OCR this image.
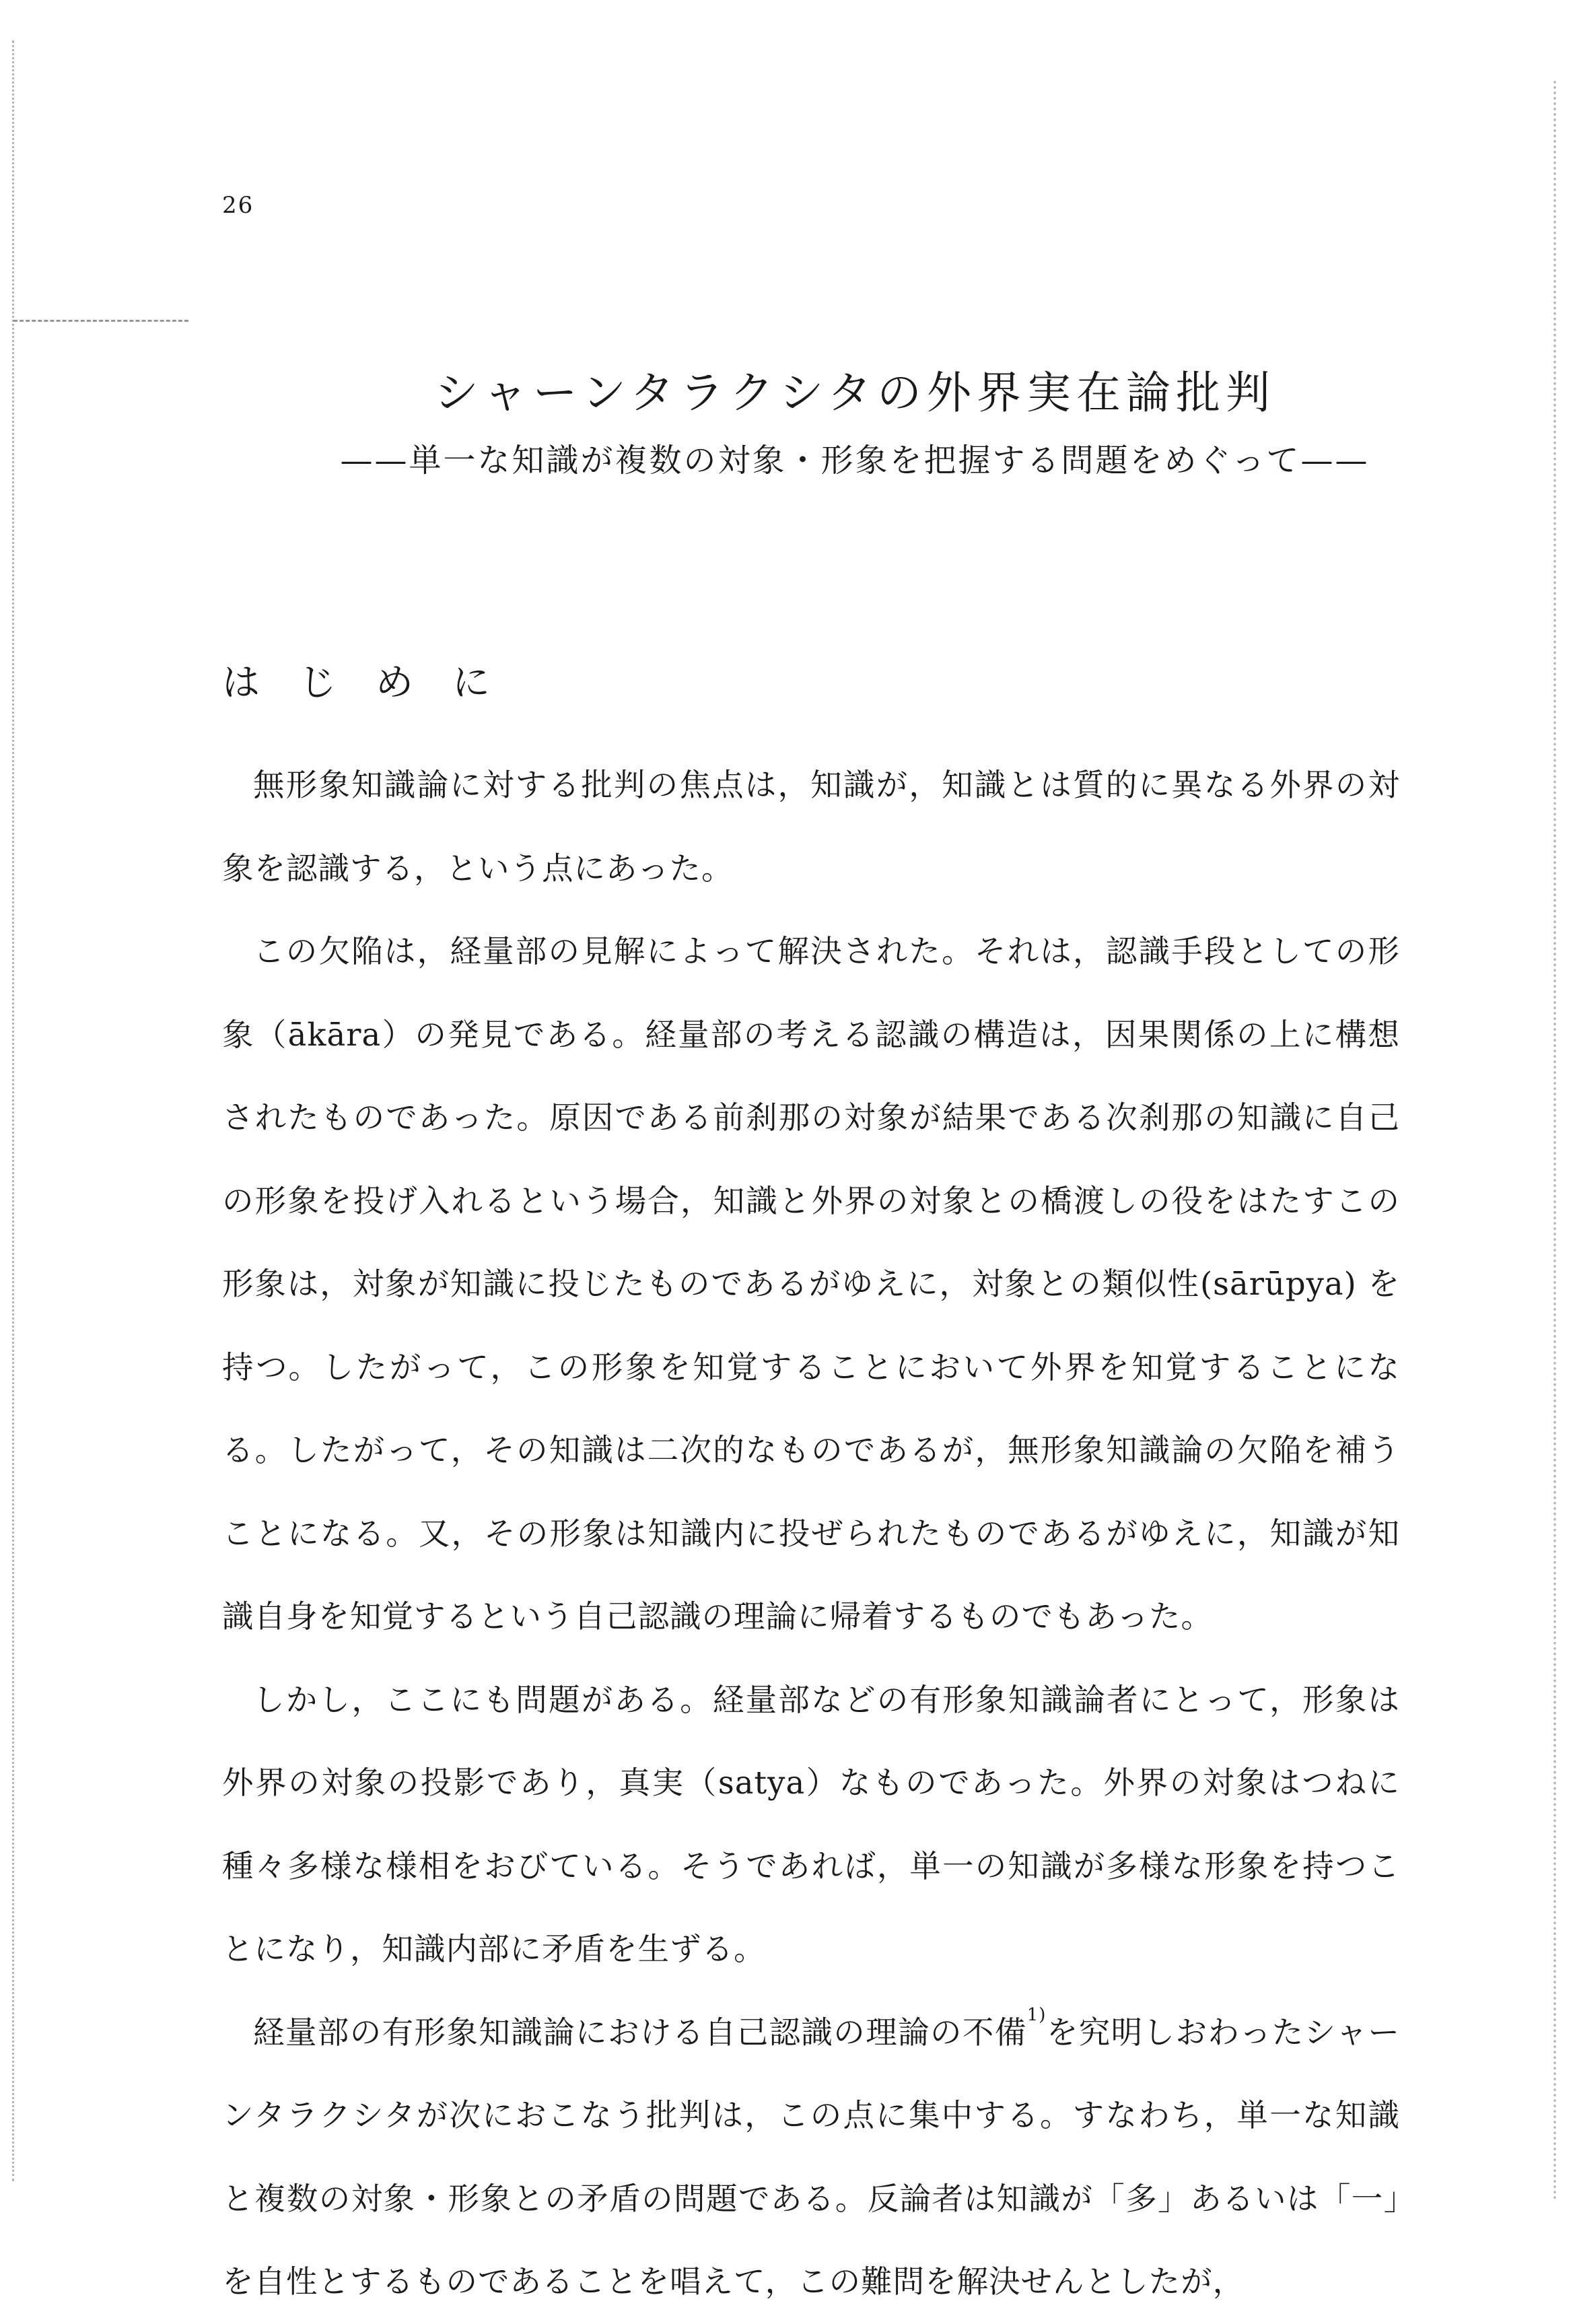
26
シャーンタラクシタの外界実在論批判
——単一な知識が複数の対象・形象を把握する問題をめぐって——
はじめに

無形象知識論に対する批判の焦点は，知識が，知識とは質的に異なる外界の対象を認識する，という点にあった。

この欠陥は，経量部の見解によって解決された。それは，認識手段としての形象（ākāra）の発見である。経量部の考える認識の構造は，因果関係の上に構想されたものであった。原因である前刹那の対象が結果である次刹那の知識に自己の形象を投げ入れるという場合，知識と外界の対象との橋渡しの役をはたすこの形象は，対象が知識に投じたものであるがゆえに，対象との類似性(sārūpya) を持つ。したがって，この形象を知覚することにおいて外界を知覚することになる。したがって，その知識は二次的なものであるが，無形象知識論の欠陥を補うことになる。又，その形象は知識内に投ぜられたものであるがゆえに，知識が知識自身を知覚するという自己認識の理論に帰着するものでもあった。

しかし，ここにも問題がある。経量部などの有形象知識論者にとって，形象は外界の対象の投影であり，真実（satya）なものであった。外界の対象はつねに種々多様な様相をおびている。そうであれば，単一の知識が多様な形象を持つことになり，知識内部に矛盾を生ずる。

経量部の有形象知識論における自己認識の理論の不備$^{1)}$を究明しおわったシャーンタラクシタが次におこなう批判は，この点に集中する。すなわち，単一な知識と複数の対象・形象との矛盾の問題である。反論者は知識が「多」あるいは「一」を自性とするものであることを唱えて，この難問を解決せんとしたが，
